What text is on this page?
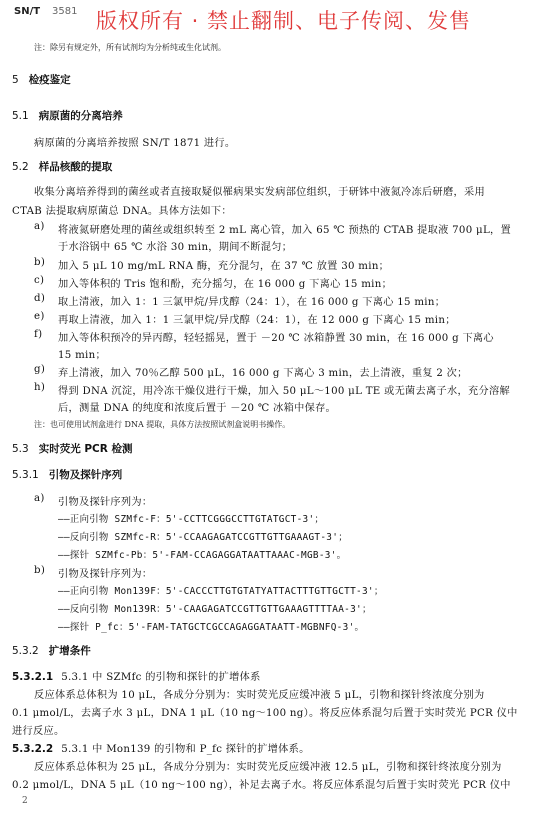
SN/T 3581 版权所有 · 禁止翻制、电子传阅、发售
注：除另有规定外，所有试剂均为分析纯或生化试剂。
5 检疫鉴定
5.1 病原菌的分离培养
病原菌的分离培养按照 SN/T 1871 进行。
5.2 样品核酸的提取
收集分离培养得到的菌丝或者直接取疑似罹病果实发病部位组织，于研钵中液氮冷冻后研磨，采用
CTAB 法提取病原菌总 DNA。具体方法如下：
a) 将液氮研磨处理的菌丝或组织转至 2 mL 离心管，加入 65 ℃ 预热的 CTAB 提取液 700 μL，置
于水浴锅中 65 ℃ 水浴 30 min，期间不断混匀；
b) 加入 5 μL 10 mg/mL RNA 酶，充分混匀，在 37 ℃ 放置 30 min；
c) 加入等体积的 Tris 饱和酚，充分摇匀，在 16 000 g 下离心 15 min；
d) 取上清液，加入 1：1 三氯甲烷/异戊醇（24：1），在 16 000 g 下离心 15 min；
e) 再取上清液，加入 1：1 三氯甲烷/异戊醇（24：1），在 12 000 g 下离心 15 min；
f) 加入等体积预冷的异丙醇，轻轻摇晃，置于 －20 ℃ 冰箱静置 30 min，在 16 000 g 下离心
15 min；
g) 弃上清液，加入 70％乙醇 500 μL，16 000 g 下离心 3 min，去上清液，重复 2 次；
h) 得到 DNA 沉淀，用冷冻干燥仪进行干燥，加入 50 μL～100 μL TE 或无菌去离子水，充分溶解
后，测量 DNA 的纯度和浓度后置于 －20 ℃ 冰箱中保存。
注：也可使用试剂盒进行 DNA 提取，具体方法按照试剂盒说明书操作。
5.3 实时荧光 PCR 检测
5.3.1 引物及探针序列
a) 引物及探针序列为：
——正向引物 SZMfc-F：5'-CCTTCGGGCCTTGTATGCT-3'；
——反向引物 SZMfc-R：5'-CCAAGAGATCCGTTGTTGAAAGT-3'；
——探针 SZMfc-Pb：5'-FAM-CCAGAGGATAATTAAAC-MGB-3'。
b) 引物及探针序列为：
——正向引物 Mon139F：5'-CACCCTTGTGTATYATTACTTTGTTGCTT-3'；
——反向引物 Mon139R：5'-CAAGAGATCCGTTGTTGAAAGTTTTAA-3'；
——探针 P_fc：5'-FAM-TATGCTCGCCAGAGGATAATT-MGBNFQ-3'。
5.3.2 扩增条件
5.3.2.1 5.3.1 中 SZMfc 的引物和探针的扩增体系
反应体系总体积为 10 μL，各成分分别为：实时荧光反应缓冲液 5 μL，引物和探针终浓度分别为
0.1 μmol/L，去离子水 3 μL，DNA 1 μL（10 ng～100 ng）。将反应体系混匀后置于实时荧光 PCR 仪中
进行反应。
5.3.2.2 5.3.1 中 Mon139 的引物和 P_fc 探针的扩增体系。
反应体系总体积为 25 μL，各成分分别为：实时荧光反应缓冲液 12.5 μL，引物和探针终浓度分别为
0.2 μmol/L，DNA 5 μL（10 ng～100 ng），补足去离子水。将反应体系混匀后置于实时荧光 PCR 仪中
2
